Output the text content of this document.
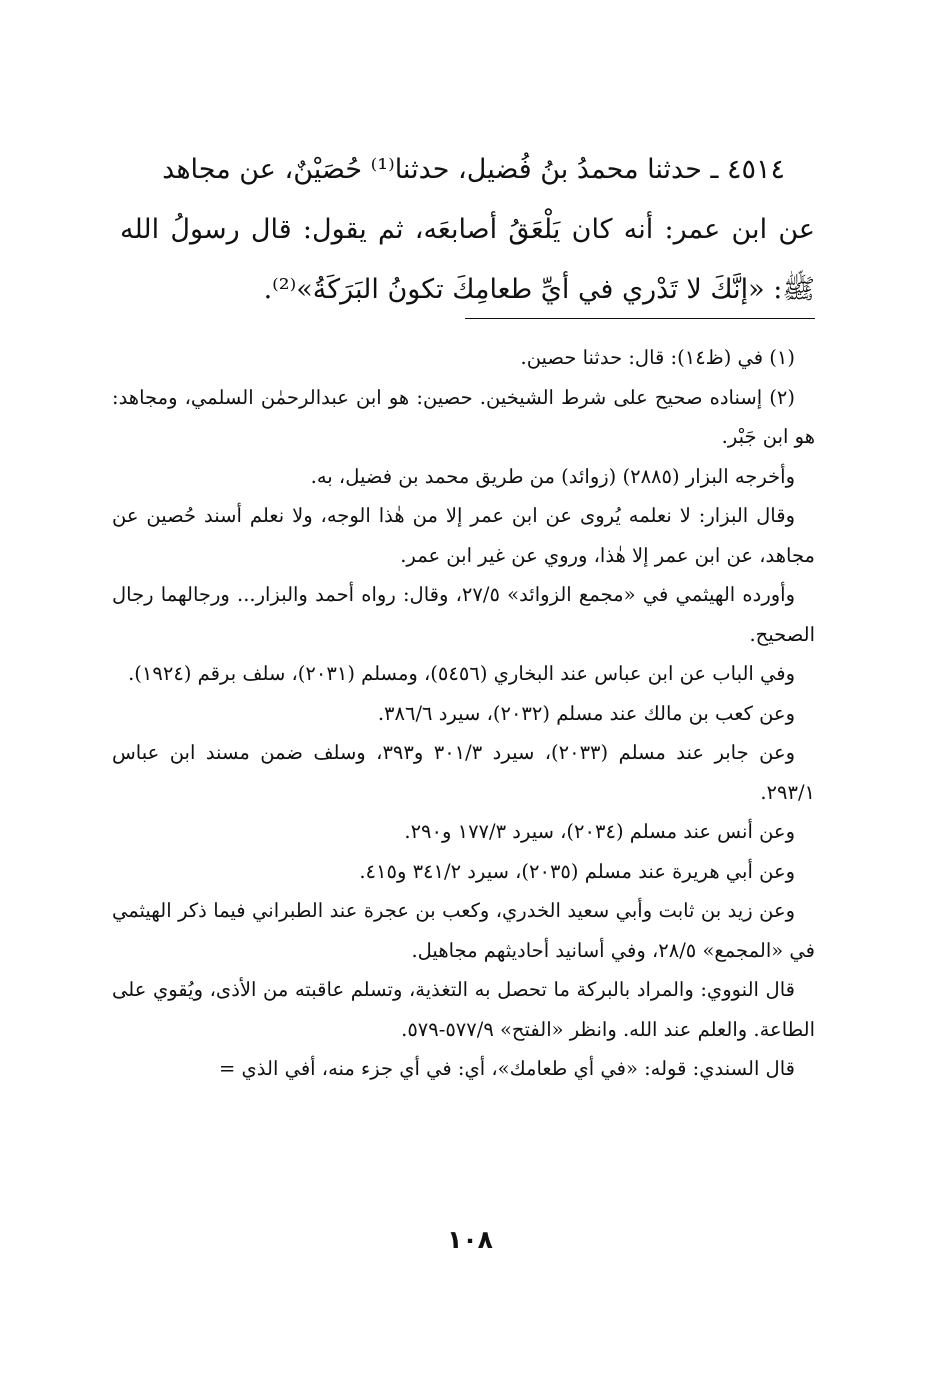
٤٥١٤ ـ حدثنا محمدُ بنُ فُضيل، حدثنا⁽¹⁾ حُصَيْنٌ، عن مجاهد

عن ابن عمر: أنه كان يَلْعَقُ أصابعَه، ثم يقول: قال رسولُ الله ﷺ: «إنَّكَ لا تَدْري في أيِّ طعامِكَ تكونُ البَرَكَةُ»⁽²⁾.

(١) في (ظ١٤): قال: حدثنا حصين.

(٢) إسناده صحيح على شرط الشيخين. حصين: هو ابن عبدالرحمٰن السلمي، ومجاهد: هو ابن جَبْر.

وأخرجه البزار (٢٨٨٥) (زوائد) من طريق محمد بن فضيل، به.

وقال البزار: لا نعلمه يُروى عن ابن عمر إلا من هٰذا الوجه، ولا نعلم أسند حُصين عن مجاهد، عن ابن عمر إلا هٰذا، وروي عن غير ابن عمر.

وأورده الهيثمي في «مجمع الزوائد» ٢٧/٥، وقال: رواه أحمد والبزار... ورجالهما رجال الصحيح.

وفي الباب عن ابن عباس عند البخاري (٥٤٥٦)، ومسلم (٢٠٣١)، سلف برقم (١٩٢٤).

وعن كعب بن مالك عند مسلم (٢٠٣٢)، سيرد ٣٨٦/٦.

وعن جابر عند مسلم (٢٠٣٣)، سيرد ٣٠١/٣ و٣٩٣، وسلف ضمن مسند ابن عباس ٢٩٣/١.

وعن أنس عند مسلم (٢٠٣٤)، سيرد ١٧٧/٣ و٢٩٠.

وعن أبي هريرة عند مسلم (٢٠٣٥)، سيرد ٣٤١/٢ و٤١٥.

وعن زيد بن ثابت وأبي سعيد الخدري، وكعب بن عجرة عند الطبراني فيما ذكر الهيثمي في «المجمع» ٢٨/٥، وفي أسانيد أحاديثهم مجاهيل.

قال النووي: والمراد بالبركة ما تحصل به التغذية، وتسلم عاقبته من الأذى، ويُقوي على الطاعة. والعلم عند الله. وانظر «الفتح» ٥٧٧/٩-٥٧٩.

قال السندي: قوله: «في أي طعامك»، أي: في أي جزء منه، أفي الذي =

١٠٨
